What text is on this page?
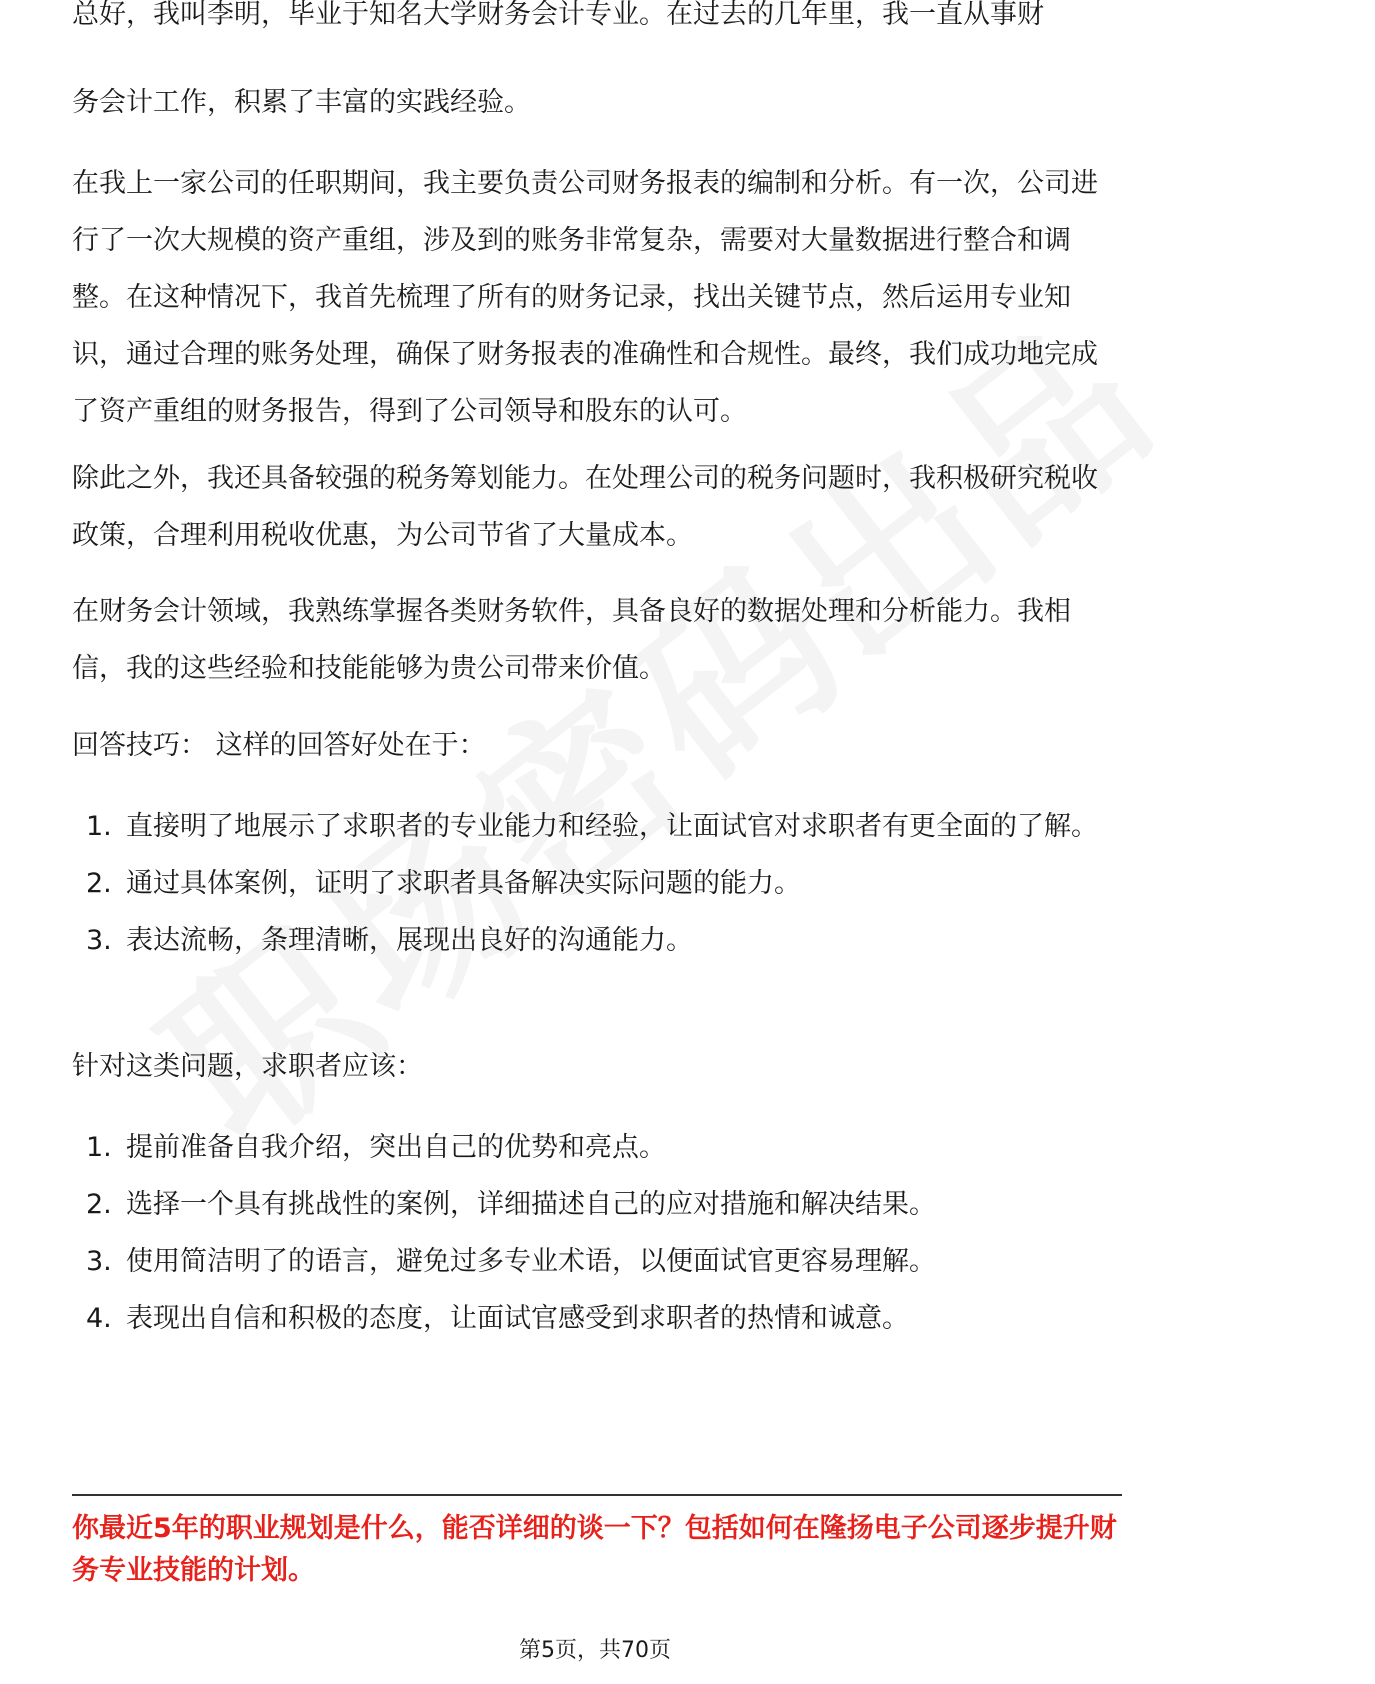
总好，我叫李明，毕业于知名大学财务会计专业。在过去的几年里，我一直从事财

务会计工作，积累了丰富的实践经验。

在我上一家公司的任职期间，我主要负责公司财务报表的编制和分析。有一次，公司进行了一次大规模的资产重组，涉及到的账务非常复杂，需要对大量数据进行整合和调整。在这种情况下，我首先梳理了所有的财务记录，找出关键节点，然后运用专业知识，通过合理的账务处理，确保了财务报表的准确性和合规性。最终，我们成功地完成了资产重组的财务报告，得到了公司领导和股东的认可。

除此之外，我还具备较强的税务筹划能力。在处理公司的税务问题时，我积极研究税收政策，合理利用税收优惠，为公司节省了大量成本。

在财务会计领域，我熟练掌握各类财务软件，具备良好的数据处理和分析能力。我相信，我的这些经验和技能能够为贵公司带来价值。

回答技巧： 这样的回答好处在于：

1. 直接明了地展示了求职者的专业能力和经验，让面试官对求职者有更全面的了解。
2. 通过具体案例，证明了求职者具备解决实际问题的能力。
3. 表达流畅，条理清晰，展现出良好的沟通能力。

针对这类问题，求职者应该：

1. 提前准备自我介绍，突出自己的优势和亮点。
2. 选择一个具有挑战性的案例，详细描述自己的应对措施和解决结果。
3. 使用简洁明了的语言，避免过多专业术语，以便面试官更容易理解。
4. 表现出自信和积极的态度，让面试官感受到求职者的热情和诚意。
你最近5年的职业规划是什么，能否详细的谈一下？包括如何在隆扬电子公司逐步提升财务专业技能的计划。
第5页，共70页
